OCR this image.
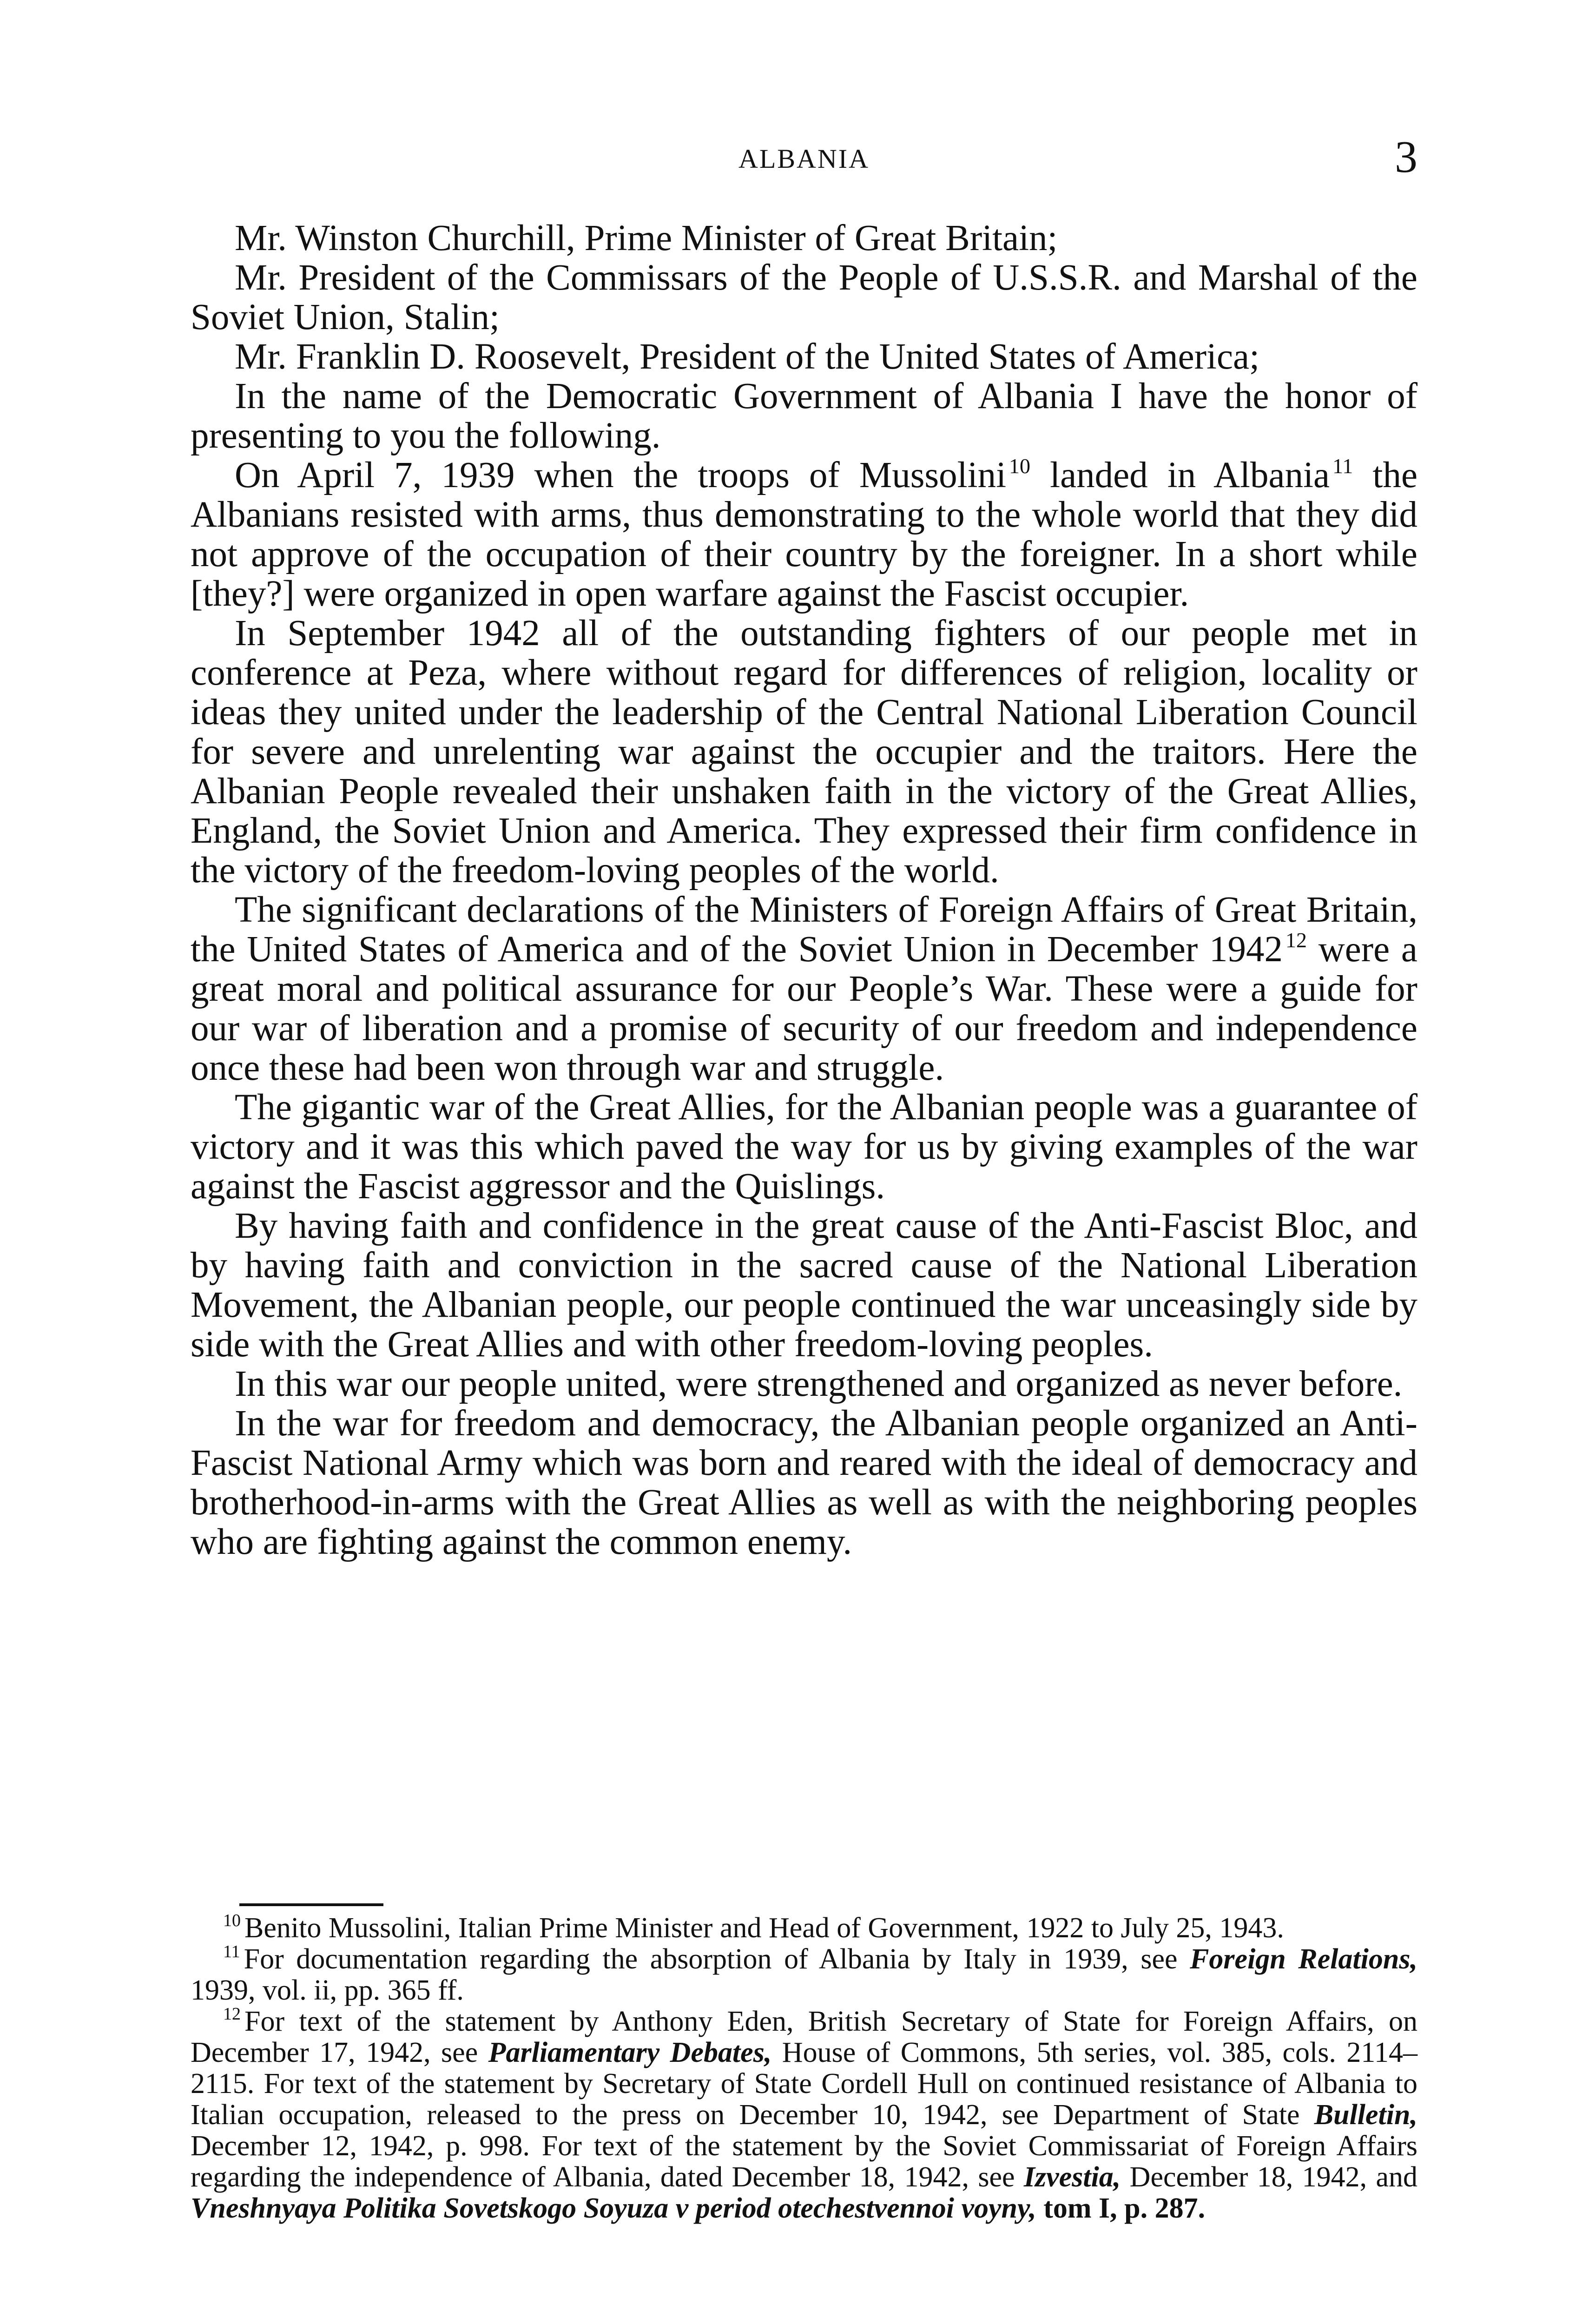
ALBANIA	3

Mr. Winston Churchill, Prime Minister of Great Britain;

Mr. President of the Commissars of the People of U.S.S.R. and Marshal of the Soviet Union, Stalin;

Mr. Franklin D. Roosevelt, President of the United States of America;

In the name of the Democratic Government of Albania I have the honor of presenting to you the following.

On April 7, 1939 when the troops of Mussolini $^{10}$ landed in Albania $^{11}$ the Albanians resisted with arms, thus demonstrating to the whole world that they did not approve of the occupation of their country by the foreigner. In a short while [they?] were organized in open warfare against the Fascist occupier.

In September 1942 all of the outstanding fighters of our people met in conference at Peza, where without regard for differences of religion, locality or ideas they united under the leadership of the Central National Liberation Council for severe and unrelenting war against the occupier and the traitors. Here the Albanian People revealed their unshaken faith in the victory of the Great Allies, England, the Soviet Union and America. They expressed their firm confidence in the victory of the freedom-loving peoples of the world.

The significant declarations of the Ministers of Foreign Affairs of Great Britain, the United States of America and of the Soviet Union in December 1942 $^{12}$ were a great moral and political assurance for our People’s War. These were a guide for our war of liberation and a promise of security of our freedom and independence once these had been won through war and struggle.

The gigantic war of the Great Allies, for the Albanian people was a guarantee of victory and it was this which paved the way for us by giving examples of the war against the Fascist aggressor and the Quislings.

By having faith and confidence in the great cause of the Anti-Fascist Bloc, and by having faith and conviction in the sacred cause of the National Liberation Movement, the Albanian people, our people continued the war unceasingly side by side with the Great Allies and with other freedom-loving peoples.

In this war our people united, were strengthened and organized as never before.

In the war for freedom and democracy, the Albanian people organized an Anti-Fascist National Army which was born and reared with the ideal of democracy and brotherhood-in-arms with the Great Allies as well as with the neighboring peoples who are fighting against the common enemy.

$^{10}$ Benito Mussolini, Italian Prime Minister and Head of Government, 1922 to July 25, 1943.

$^{11}$ For documentation regarding the absorption of Albania by Italy in 1939, see Foreign Relations, 1939, vol. ii, pp. 365 ff.

$^{12}$ For text of the statement by Anthony Eden, British Secretary of State for Foreign Affairs, on December 17, 1942, see Parliamentary Debates, House of Commons, 5th series, vol. 385, cols. 2114–2115. For text of the statement by Secretary of State Cordell Hull on continued resistance of Albania to Italian occupation, released to the press on December 10, 1942, see Department of State Bulletin, December 12, 1942, p. 998. For text of the statement by the Soviet Commissariat of Foreign Affairs regarding the independence of Albania, dated December 18, 1942, see Izvestia, December 18, 1942, and Vneshnyaya Politika Sovetskogo Soyuza v period otechestvennoi voyny, tom I, p. 287.
